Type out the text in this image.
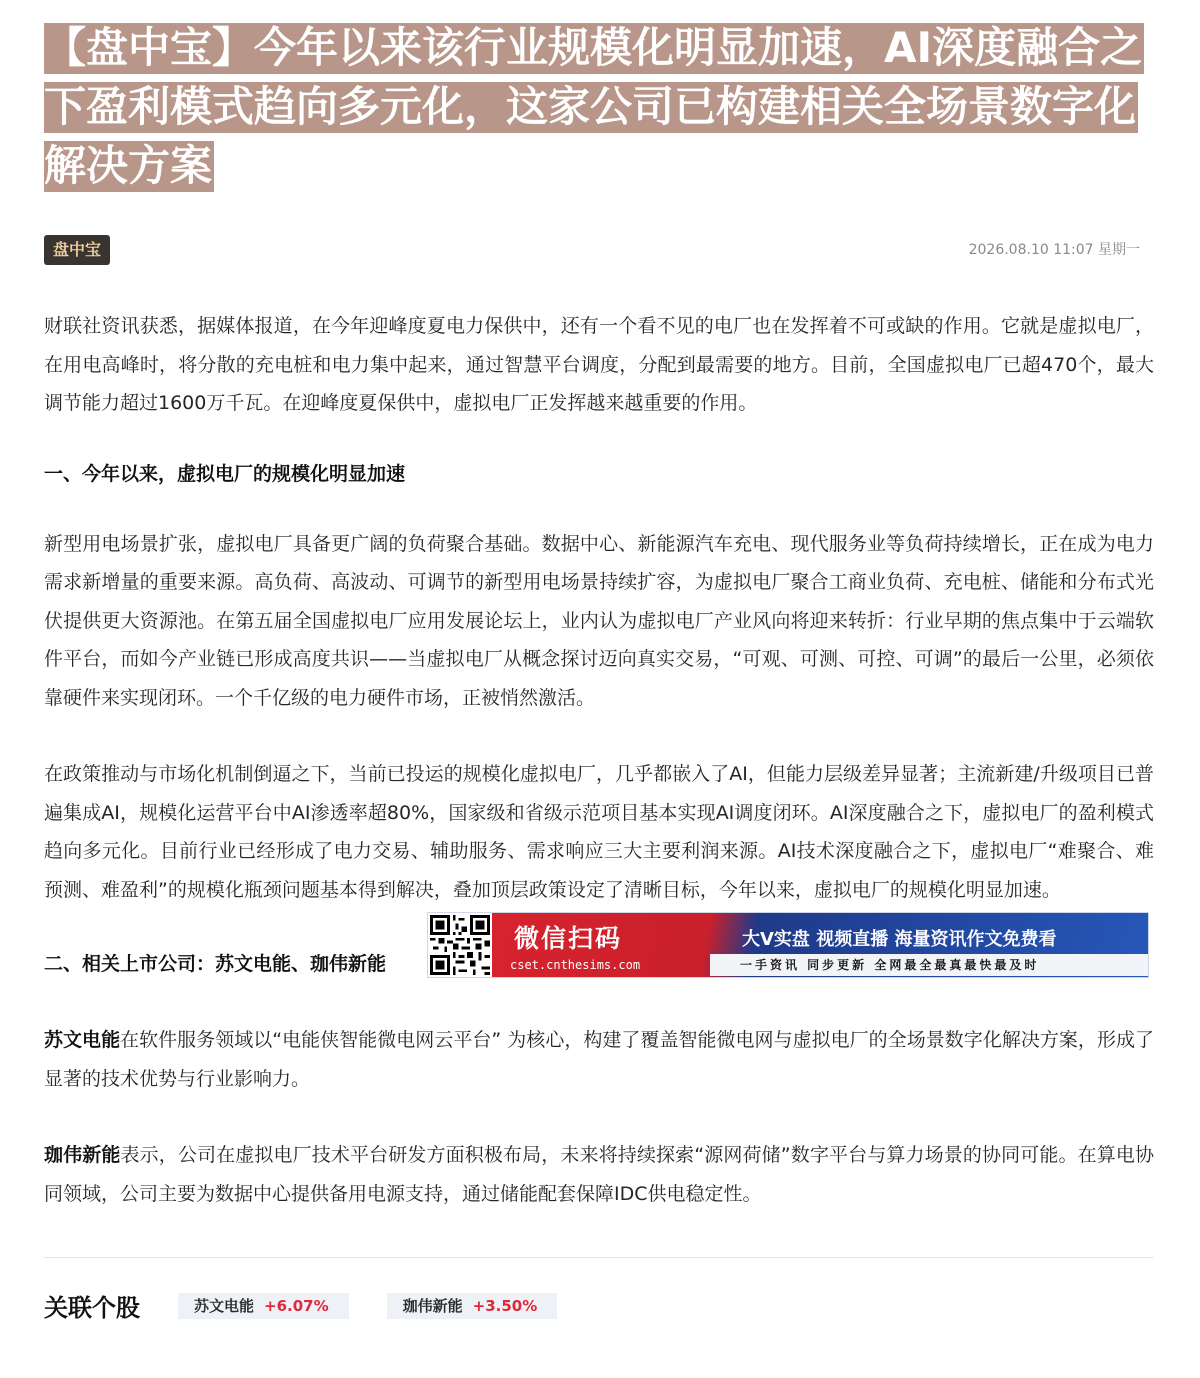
【盘中宝】今年以来该行业规模化明显加速，AI深度融合之下盈利模式趋向多元化，这家公司已构建相关全场景数字化解决方案
盘中宝	2026.08.10 11:07 星期一

财联社资讯获悉，据媒体报道，在今年迎峰度夏电力保供中，还有一个看不见的电厂也在发挥着不可或缺的作用。它就是虚拟电厂，在用电高峰时，将分散的充电桩和电力集中起来，通过智慧平台调度，分配到最需要的地方。目前，全国虚拟电厂已超470个，最大调节能力超过1600万千瓦。在迎峰度夏保供中，虚拟电厂正发挥越来越重要的作用。

一、今年以来，虚拟电厂的规模化明显加速

新型用电场景扩张，虚拟电厂具备更广阔的负荷聚合基础。数据中心、新能源汽车充电、现代服务业等负荷持续增长，正在成为电力需求新增量的重要来源。高负荷、高波动、可调节的新型用电场景持续扩容，为虚拟电厂聚合工商业负荷、充电桩、储能和分布式光伏提供更大资源池。在第五届全国虚拟电厂应用发展论坛上，业内认为虚拟电厂产业风向将迎来转折：行业早期的焦点集中于云端软件平台，而如今产业链已形成高度共识——当虚拟电厂从概念探讨迈向真实交易，“可观、可测、可控、可调”的最后一公里，必须依靠硬件来实现闭环。一个千亿级的电力硬件市场，正被悄然激活。

在政策推动与市场化机制倒逼之下，当前已投运的规模化虚拟电厂，几乎都嵌入了AI，但能力层级差异显著；主流新建/升级项目已普遍集成AI，规模化运营平台中AI渗透率超80%，国家级和省级示范项目基本实现AI调度闭环。AI深度融合之下，虚拟电厂的盈利模式趋向多元化。目前行业已经形成了电力交易、辅助服务、需求响应三大主要利润来源。AI技术深度融合之下，虚拟电厂“难聚合、难预测、难盈利”的规模化瓶颈问题基本得到解决，叠加顶层政策设定了清晰目标，今年以来，虚拟电厂的规模化明显加速。

二、相关上市公司：苏文电能、珈伟新能
微信扫码
cset.cnthesims.com
大V实盘 视频直播 海量资讯作文免费看
一手资讯 同步更新 全网最全最真最快最及时

苏文电能在软件服务领域以“电能侠智能微电网云平台” 为核心，构建了覆盖智能微电网与虚拟电厂的全场景数字化解决方案，形成了显著的技术优势与行业影响力。

珈伟新能表示，公司在虚拟电厂技术平台研发方面积极布局，未来将持续探索“源网荷储”数字平台与算力场景的协同可能。在算电协同领域，公司主要为数据中心提供备用电源支持，通过储能配套保障IDC供电稳定性。

关联个股	苏文电能 +6.07%	珈伟新能 +3.50%
